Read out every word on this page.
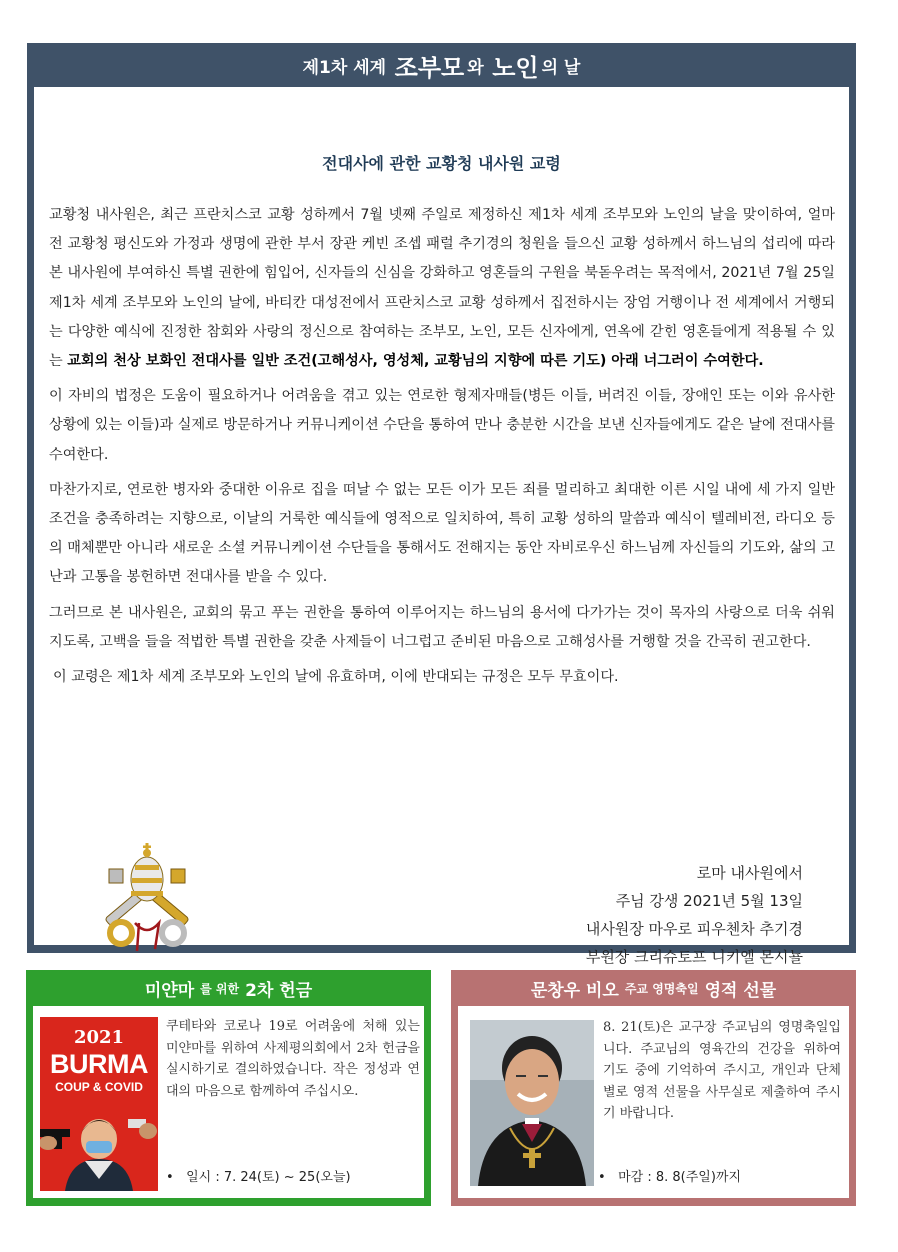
제1차 세계
조부모 와
노인 의 날
전대사에 관한 교황청 내사원 교령

교황청 내사원은, 최근 프란치스코 교황 성하께서 7월 넷째 주일로 제정하신 제1차 세계 조부모와 노인의 날을 맞이하여, 얼마 전 교황청 평신도와 가정과 생명에 관한 부서 장관 케빈 조셉 패럴 추기경의 청원을 들으신 교황 성하께서 하느님의 섭리에 따라 본 내사원에 부여하신 특별 권한에 힘입어, 신자들의 신심을 강화하고 영혼들의 구원을 북돋우려는 목적에서, 2021년 7월 25일 제1차 세계 조부모와 노인의 날에, 바티칸 대성전에서 프란치스코 교황 성하께서 집전하시는 장엄 거행이나 전 세계에서 거행되는 다양한 예식에 진정한 참회와 사랑의 정신으로 참여하는 조부모, 노인, 모든 신자에게, 연옥에 갇힌 영혼들에게 적용될 수 있는 교회의 천상 보화인 전대사를 일반 조건(고해성사, 영성체, 교황님의 지향에 따른 기도) 아래 너그러이 수여한다.

이 자비의 법정은 도움이 필요하거나 어려움을 겪고 있는 연로한 형제자매들(병든 이들, 버려진 이들, 장애인 또는 이와 유사한 상황에 있는 이들)과 실제로 방문하거나 커뮤니케이션 수단을 통하여 만나 충분한 시간을 보낸 신자들에게도 같은 날에 전대사를 수여한다.

마찬가지로, 연로한 병자와 중대한 이유로 집을 떠날 수 없는 모든 이가 모든 죄를 멀리하고 최대한 이른 시일 내에 세 가지 일반 조건을 충족하려는 지향으로, 이날의 거룩한 예식들에 영적으로 일치하여, 특히 교황 성하의 말씀과 예식이 텔레비전, 라디오 등의 매체뿐만 아니라 새로운 소셜 커뮤니케이션 수단들을 통해서도 전해지는 동안 자비로우신 하느님께 자신들의 기도와, 삶의 고난과 고통을 봉헌하면 전대사를 받을 수 있다.

그러므로 본 내사원은, 교회의 묶고 푸는 권한을 통하여 이루어지는 하느님의 용서에 다가가는 것이 목자의 사랑으로 더욱 쉬워지도록, 고백을 들을 적법한 특별 권한을 갖춘 사제들이 너그럽고 준비된 마음으로 고해성사를 거행할 것을 간곡히 권고한다.

이 교령은 제1차 세계 조부모와 노인의 날에 유효하며, 이에 반대되는 규정은 모두 무효이다.

로마 내사원에서
주님 강생 2021년 5월 13일
내사원장 마우로 피우첸차 추기경
부원장 크리슈토프 니키엘 몬시뇰
미얀마 를 위한 2차 헌금
2021
BURMA
COUP & COVID
쿠테타와 코로나 19로 어려움에 처해 있는 미얀마를 위하여 사제평의회에서 2차 헌금을 실시하기로 결의하였습니다. 작은 정성과 연대의 마음으로 함께하여 주십시오.
• 일시 : 7. 24(토) ~ 25(오늘)
문창우 비오 주교 영명축일 영적 선물
8. 21(토)은 교구장 주교님의 영명축일입니다. 주교님의 영육간의 건강을 위하여 기도 중에 기억하여 주시고, 개인과 단체별로 영적 선물을 사무실로 제출하여 주시기 바랍니다.
• 마감 : 8. 8(주일)까지
